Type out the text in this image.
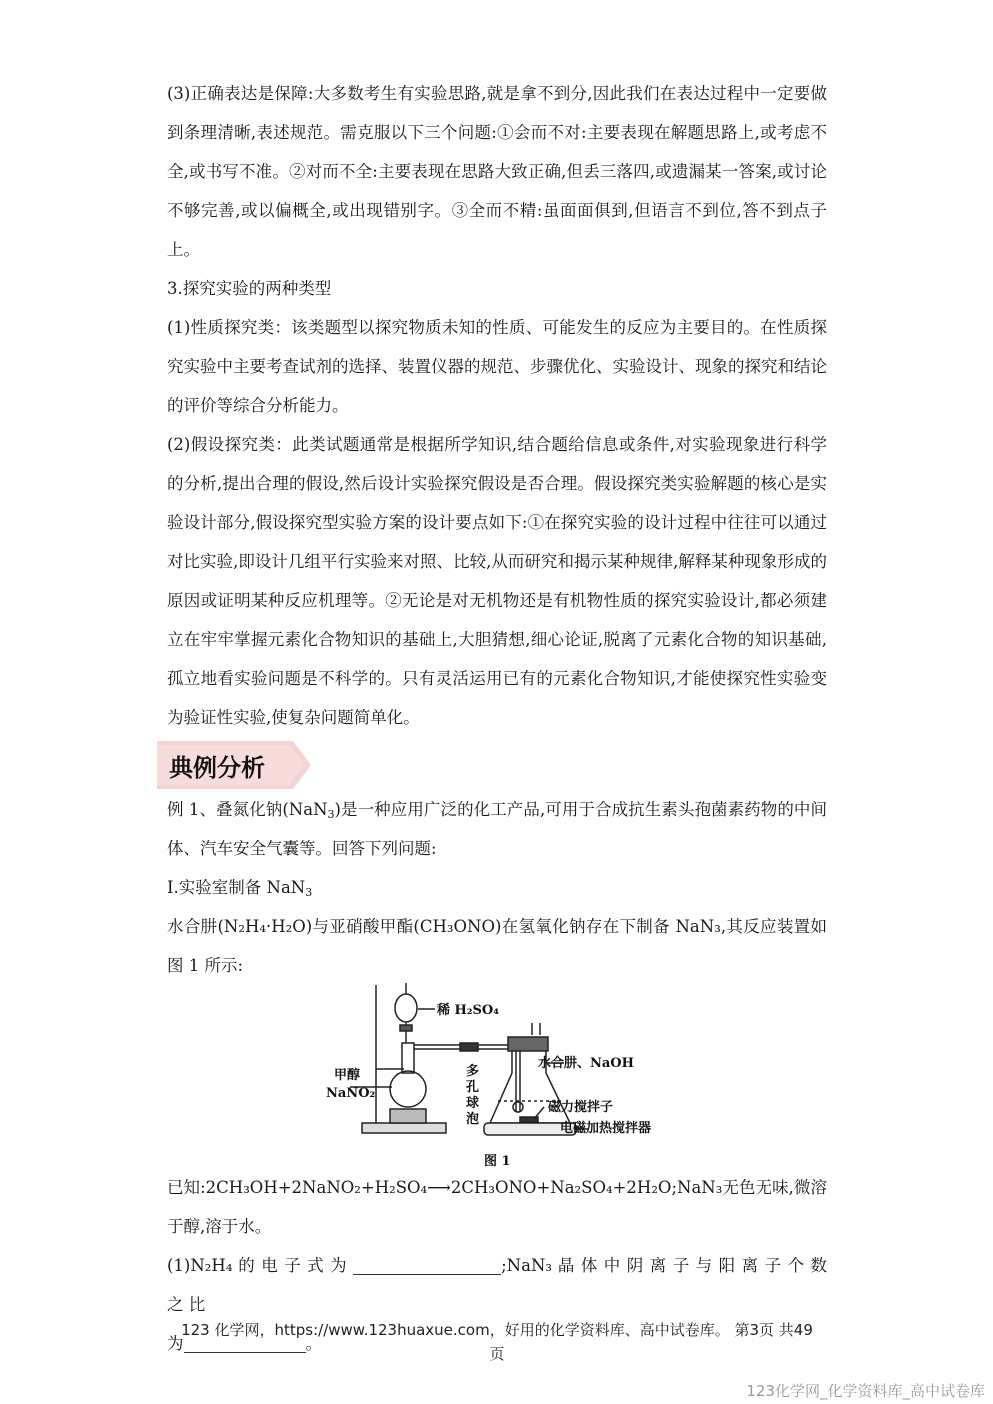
(3)正确表达是保障:大多数考生有实验思路,就是拿不到分,因此我们在表达过程中一定要做到条理清晰,表述规范。需克服以下三个问题:①会而不对:主要表现在解题思路上,或考虑不全,或书写不准。②对而不全:主要表现在思路大致正确,但丢三落四,或遗漏某一答案,或讨论不够完善,或以偏概全,或出现错别字。③全而不精:虽面面俱到,但语言不到位,答不到点子上。

3.探究实验的两种类型

(1)性质探究类：该类题型以探究物质未知的性质、可能发生的反应为主要目的。在性质探究实验中主要考查试剂的选择、装置仪器的规范、步骤优化、实验设计、现象的探究和结论的评价等综合分析能力。

(2)假设探究类：此类试题通常是根据所学知识,结合题给信息或条件,对实验现象进行科学的分析,提出合理的假设,然后设计实验探究假设是否合理。假设探究类实验解题的核心是实验设计部分,假设探究型实验方案的设计要点如下:①在探究实验的设计过程中往往可以通过对比实验,即设计几组平行实验来对照、比较,从而研究和揭示某种规律,解释某种现象形成的原因或证明某种反应机理等。②无论是对无机物还是有机物性质的探究实验设计,都必须建立在牢牢掌握元素化合物知识的基础上,大胆猜想,细心论证,脱离了元素化合物的知识基础,孤立地看实验问题是不科学的。只有灵活运用已有的元素化合物知识,才能使探究性实验变为验证性实验,使复杂问题简单化。

典例分析

例 1、叠氮化钠(NaN$_3$)是一种应用广泛的化工产品,可用于合成抗生素头孢菌素药物的中间体、汽车安全气囊等。回答下列问题:

I.实验室制备 NaN$_3$

水合肼(N₂H₄·H₂O)与亚硝酸甲酯(CH₃ONO)在氢氧化钠存在下制备 NaN₃,其反应装置如图 1 所示:

稀 H₂SO₄
甲醇
NaNO₂
多
孔
球
泡
水合肼、NaOH
磁力搅拌子
电磁加热搅拌器
图 1

已知:2CH₃OH+2NaNO₂+H₂SO₄⟶2CH₃ONO+Na₂SO₄+2H₂O;NaN₃无色无味,微溶于醇,溶于水。

(1)N₂H₄ 的 电 子 式 为	;NaN₃ 晶 体 中 阴 离 子 与 阳 离 子 个 数 之 比
为	。

123 化学网，https://www.123huaxue.com，好用的化学资料库、高中试卷库。 第3页 共49
页
123化学网_化学资料库_高中试卷库
